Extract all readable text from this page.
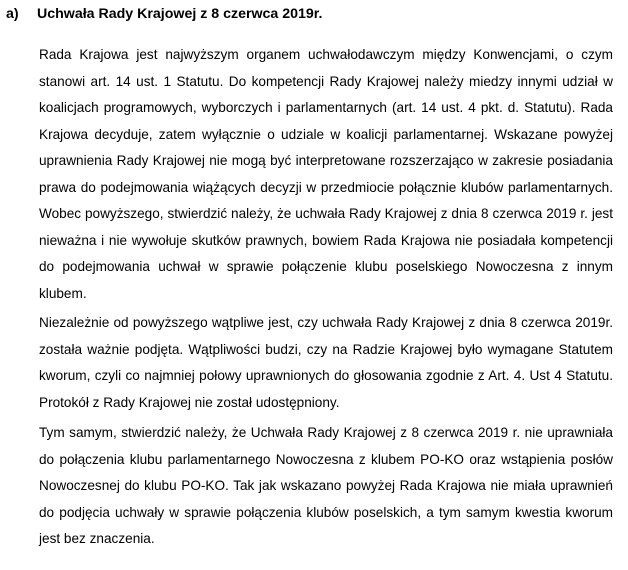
a) Uchwała Rady Krajowej z 8 czerwca 2019r.

Rada Krajowa jest najwyższym organem uchwałodawczym między Konwencjami, o czym stanowi art. 14 ust. 1 Statutu. Do kompetencji Rady Krajowej należy miedzy innymi udział w koalicjach programowych, wyborczych i parlamentarnych (art. 14 ust. 4 pkt. d. Statutu). Rada Krajowa decyduje, zatem wyłącznie o udziale w koalicji parlamentarnej. Wskazane powyżej uprawnienia Rady Krajowej nie mogą być interpretowane rozszerzająco w zakresie posiadania prawa do podejmowania wiążących decyzji w przedmiocie połącznie klubów parlamentarnych. Wobec powyższego, stwierdzić należy, że uchwała Rady Krajowej z dnia 8 czerwca 2019 r. jest nieważna i nie wywołuje skutków prawnych, bowiem Rada Krajowa nie posiadała kompetencji do podejmowania uchwał w sprawie połączenie klubu poselskiego Nowoczesna z innym klubem.

Niezależnie od powyższego wątpliwe jest, czy uchwała Rady Krajowej z dnia 8 czerwca 2019r. została ważnie podjęta. Wątpliwości budzi, czy na Radzie Krajowej było wymagane Statutem kworum, czyli co najmniej połowy uprawnionych do głosowania zgodnie z Art. 4. Ust 4 Statutu. Protokół z Rady Krajowej nie został udostępniony.

Tym samym, stwierdzić należy, że Uchwała Rady Krajowej z 8 czerwca 2019 r. nie uprawniała do połączenia klubu parlamentarnego Nowoczesna z klubem PO-KO oraz wstąpienia posłów Nowoczesnej do klubu PO-KO. Tak jak wskazano powyżej Rada Krajowa nie miała uprawnień do podjęcia uchwały w sprawie połączenia klubów poselskich, a tym samym kwestia kworum jest bez znaczenia.
